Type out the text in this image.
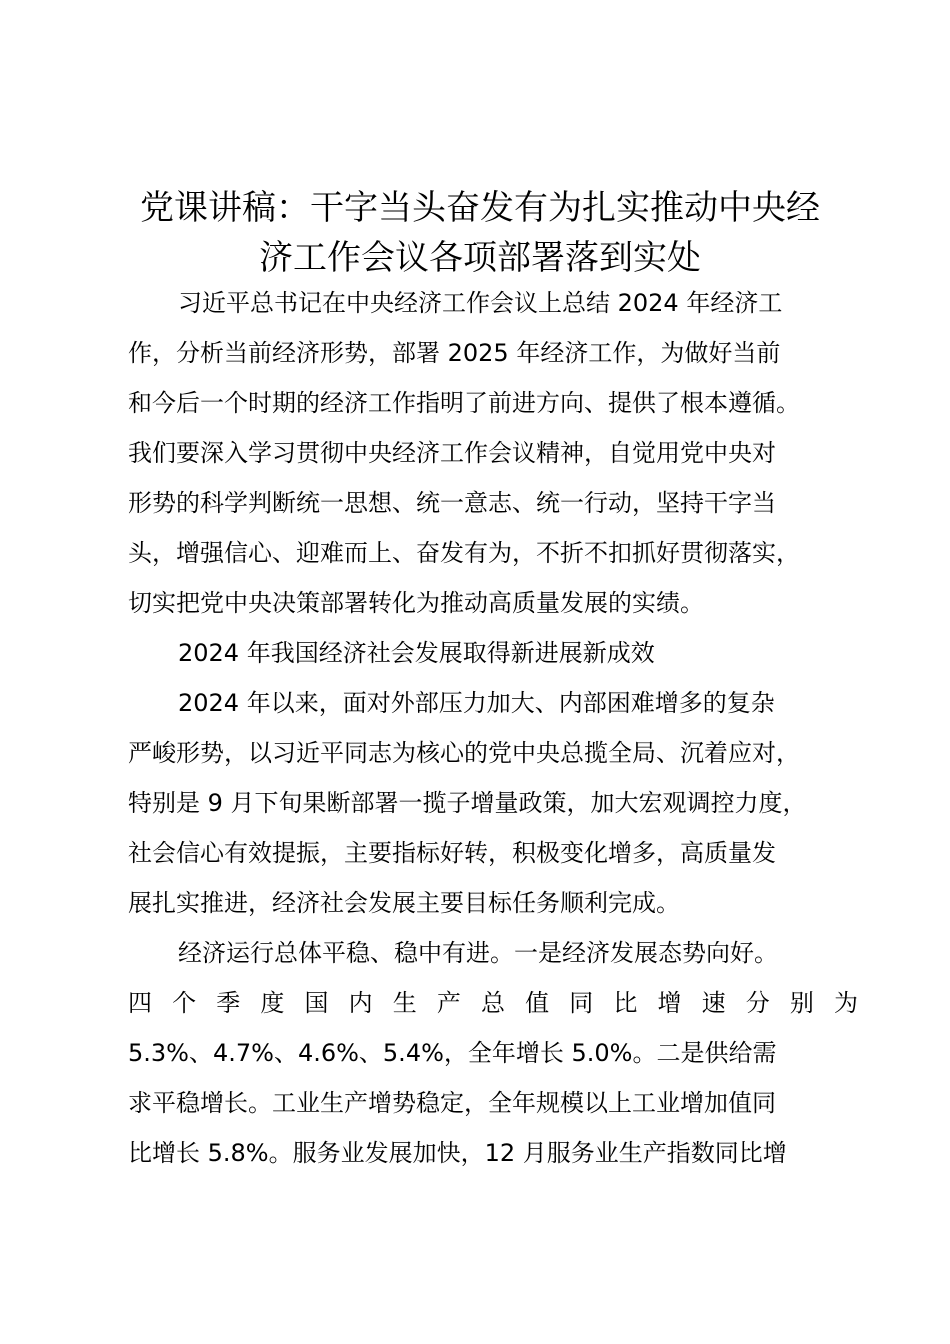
党课讲稿：干字当头奋发有为扎实推动中央经
济工作会议各项部署落到实处

习近平总书记在中央经济工作会议上总结 2024 年经济工

作，分析当前经济形势，部署 2025 年经济工作，为做好当前

和今后一个时期的经济工作指明了前进方向、提供了根本遵循。

我们要深入学习贯彻中央经济工作会议精神，自觉用党中央对

形势的科学判断统一思想、统一意志、统一行动，坚持干字当

头，增强信心、迎难而上、奋发有为，不折不扣抓好贯彻落实，

切实把党中央决策部署转化为推动高质量发展的实绩。

2024 年我国经济社会发展取得新进展新成效

2024 年以来，面对外部压力加大、内部困难增多的复杂

严峻形势，以习近平同志为核心的党中央总揽全局、沉着应对，

特别是 9 月下旬果断部署一揽子增量政策，加大宏观调控力度，

社会信心有效提振，主要指标好转，积极变化增多，高质量发

展扎实推进，经济社会发展主要目标任务顺利完成。

经济运行总体平稳、稳中有进。一是经济发展态势向好。

四 个 季 度 国 内 生 产 总 值 同 比 增 速 分 别 为

5.3%、4.7%、4.6%、5.4%，全年增长 5.0%。二是供给需

求平稳增长。工业生产增势稳定，全年规模以上工业增加值同

比增长 5.8%。服务业发展加快，12 月服务业生产指数同比增
